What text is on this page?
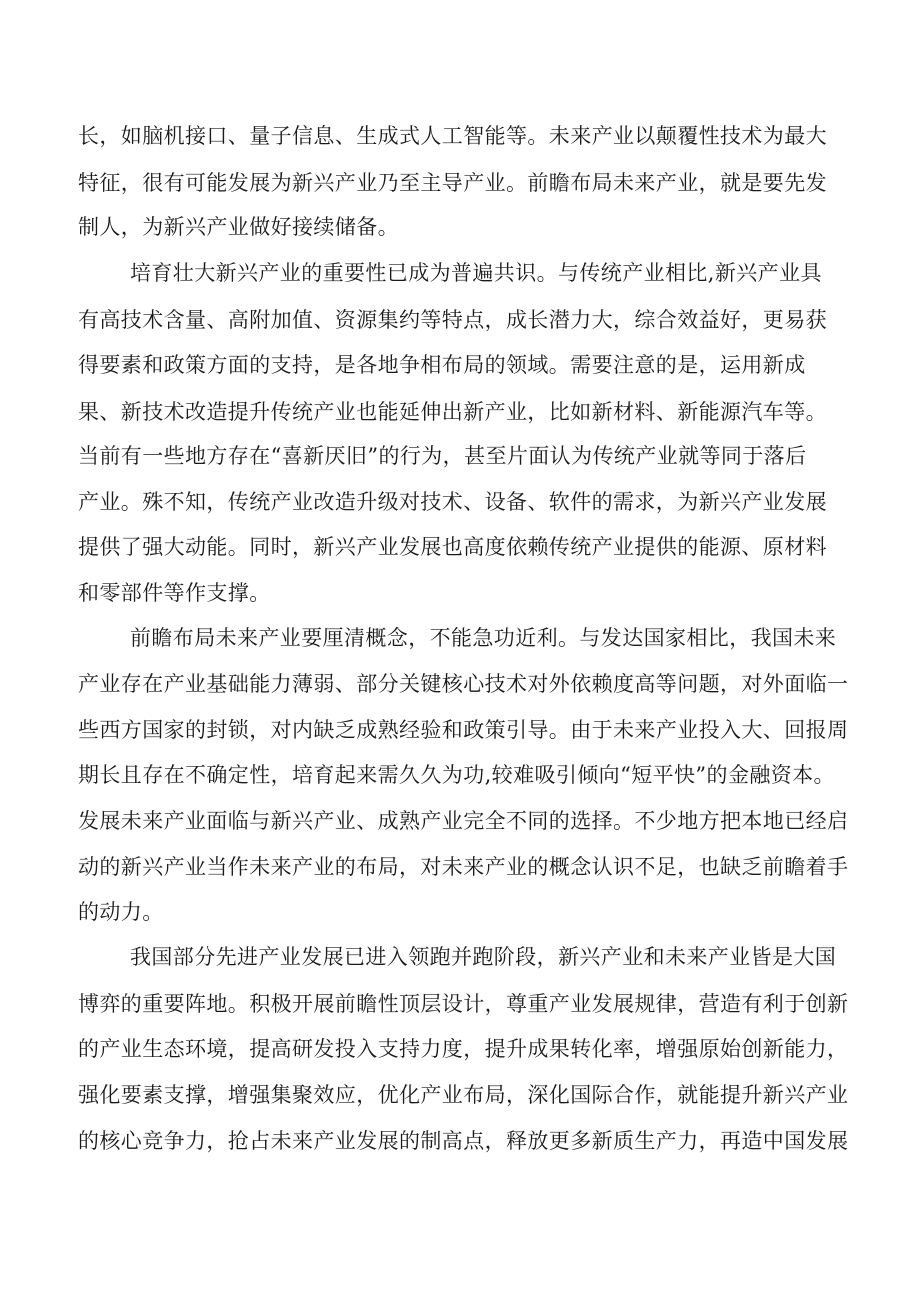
长，如脑机接口、量子信息、生成式人工智能等。未来产业以颠覆性技术为最大
特征，很有可能发展为新兴产业乃至主导产业。前瞻布局未来产业，就是要先发
制人，为新兴产业做好接续储备。
培育壮大新兴产业的重要性已成为普遍共识。与传统产业相比,新兴产业具
有高技术含量、高附加值、资源集约等特点，成长潜力大，综合效益好，更易获
得要素和政策方面的支持，是各地争相布局的领域。需要注意的是，运用新成
果、新技术改造提升传统产业也能延伸出新产业，比如新材料、新能源汽车等。
当前有一些地方存在“喜新厌旧”的行为，甚至片面认为传统产业就等同于落后
产业。殊不知，传统产业改造升级对技术、设备、软件的需求，为新兴产业发展
提供了强大动能。同时，新兴产业发展也高度依赖传统产业提供的能源、原材料
和零部件等作支撑。
前瞻布局未来产业要厘清概念，不能急功近利。与发达国家相比，我国未来
产业存在产业基础能力薄弱、部分关键核心技术对外依赖度高等问题，对外面临一
些西方国家的封锁，对内缺乏成熟经验和政策引导。由于未来产业投入大、回报周
期长且存在不确定性，培育起来需久久为功,较难吸引倾向“短平快”的金融资本。
发展未来产业面临与新兴产业、成熟产业完全不同的选择。不少地方把本地已经启
动的新兴产业当作未来产业的布局，对未来产业的概念认识不足，也缺乏前瞻着手
的动力。
我国部分先进产业发展已进入领跑并跑阶段，新兴产业和未来产业皆是大国
博弈的重要阵地。积极开展前瞻性顶层设计，尊重产业发展规律，营造有利于创新
的产业生态环境，提高研发投入支持力度，提升成果转化率，增强原始创新能力，
强化要素支撑，增强集聚效应，优化产业布局，深化国际合作，就能提升新兴产业
的核心竞争力，抢占未来产业发展的制高点，释放更多新质生产力，再造中国发展
